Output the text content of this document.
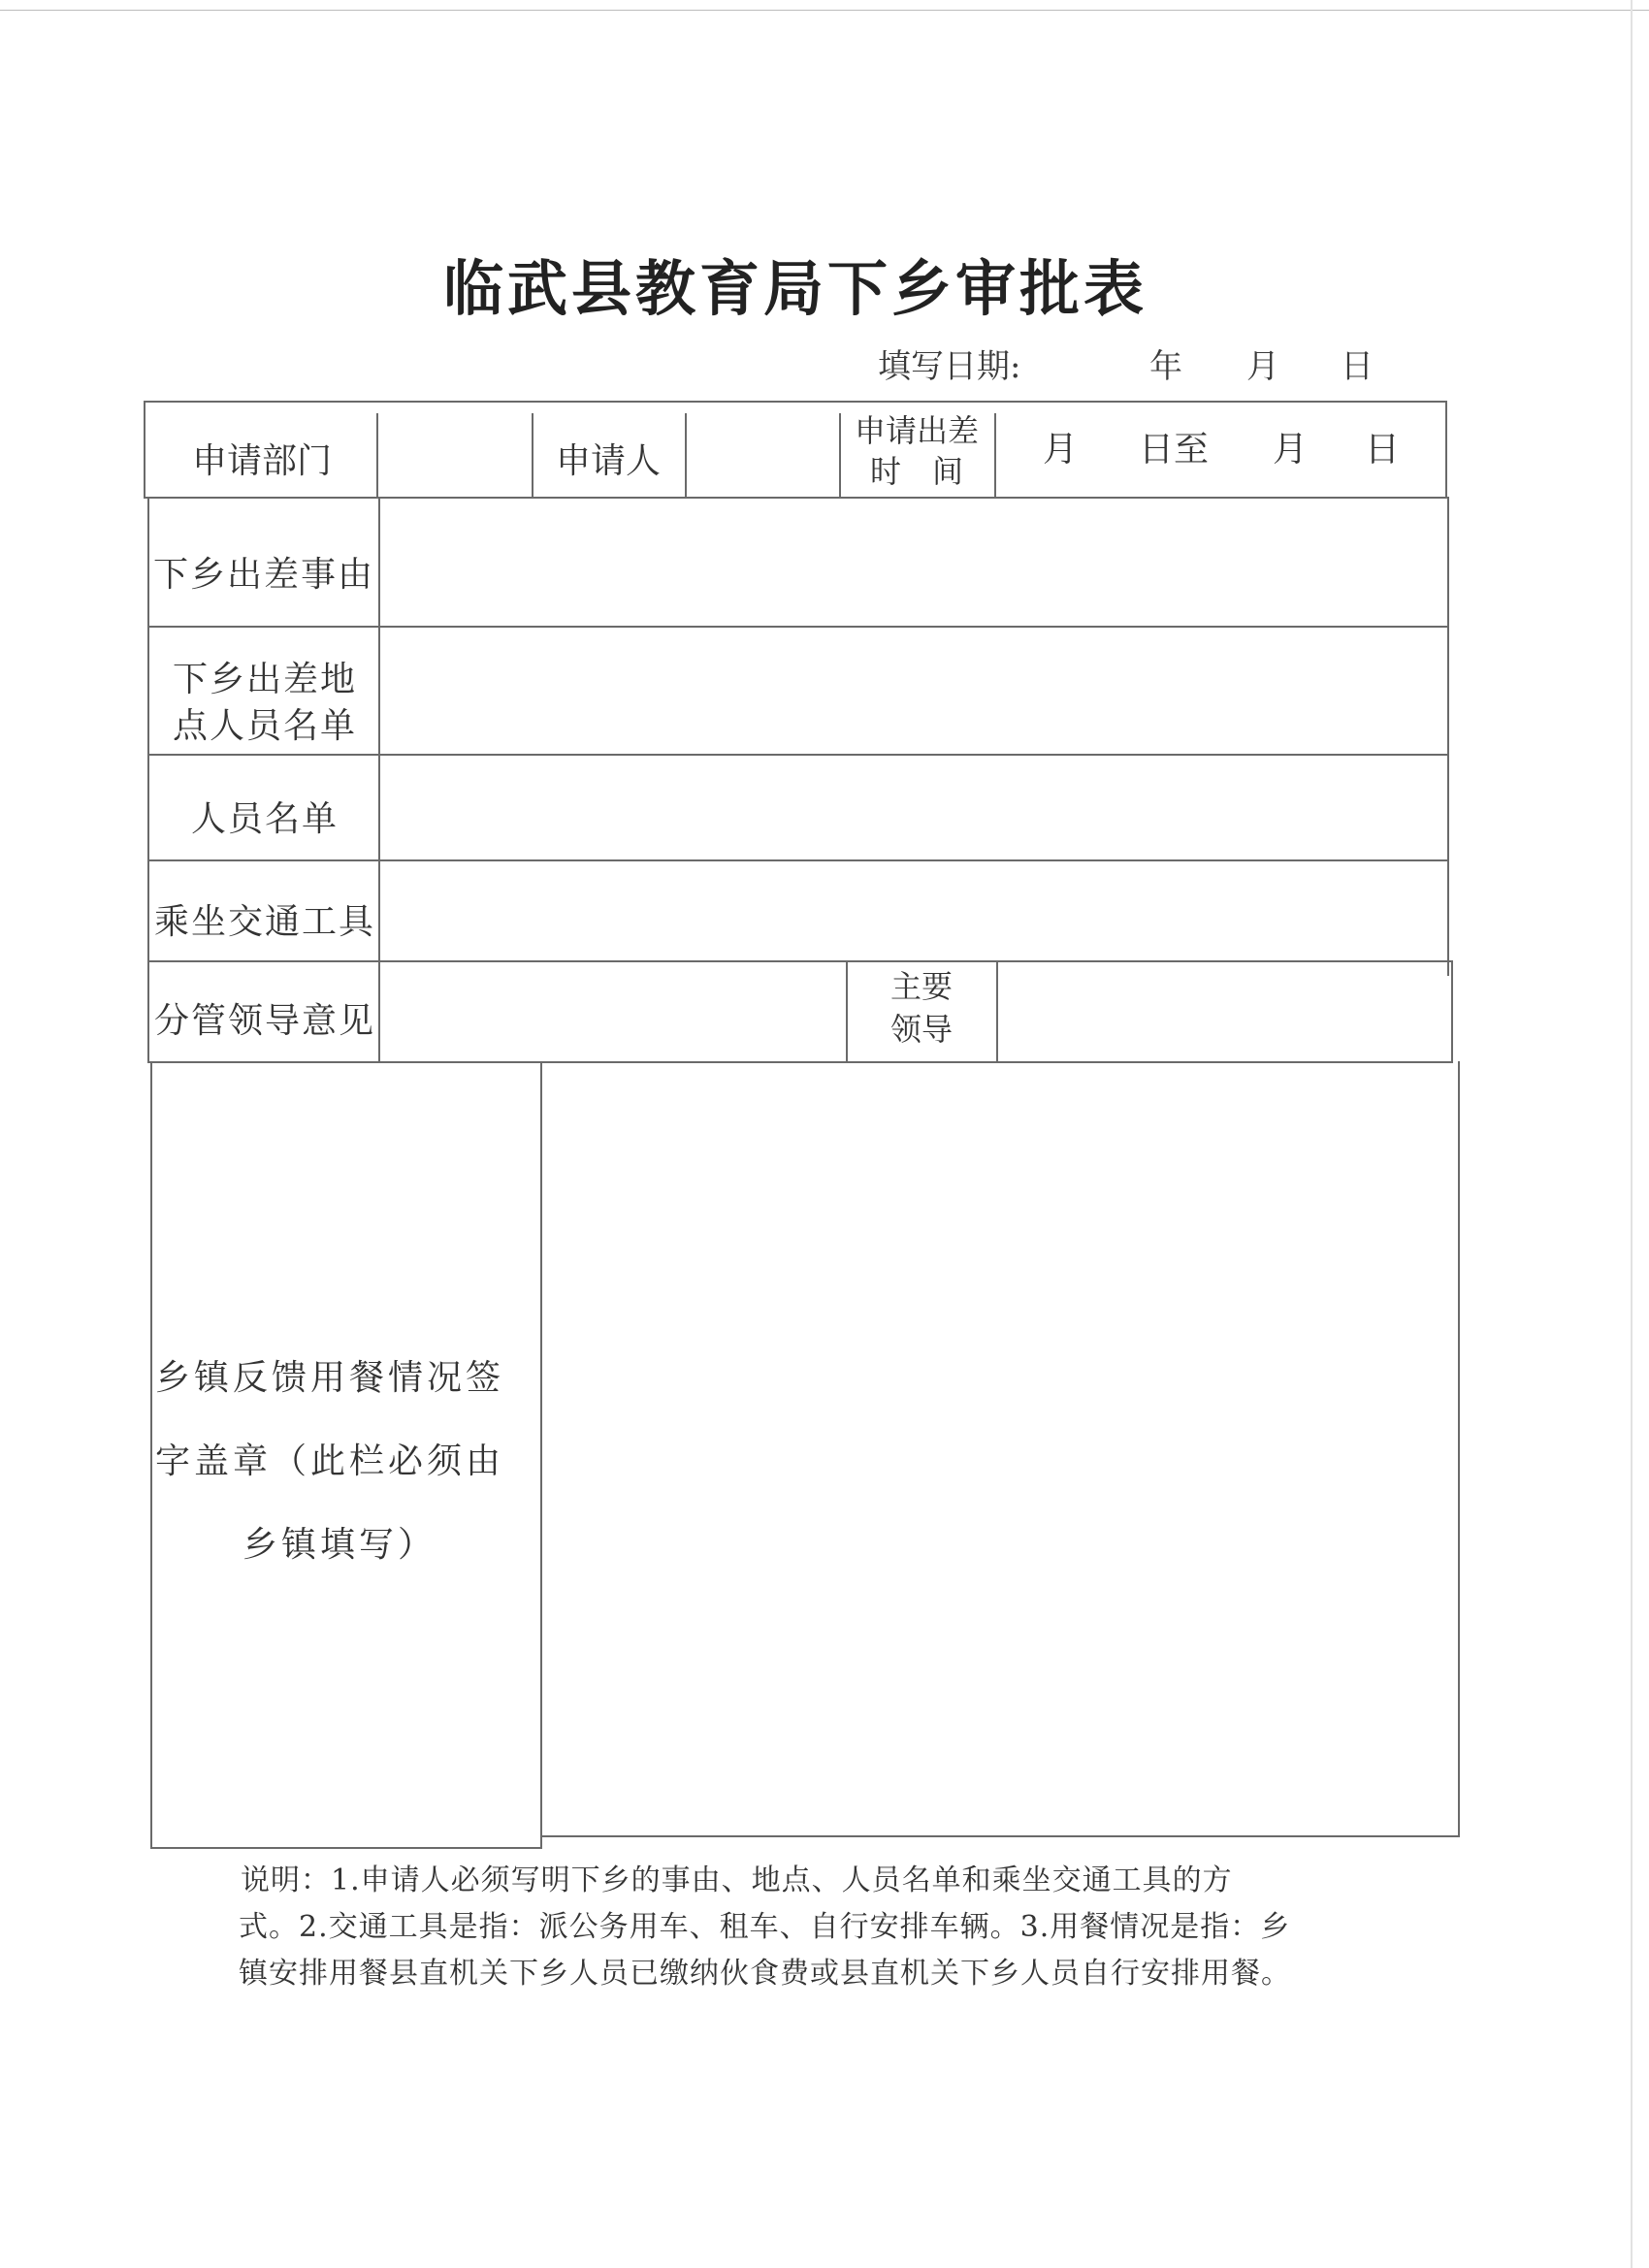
临武县教育局下乡审批表
填写日期:	年 月 日
申请部门	申请人
申请出差
时　间
月 日至 月 日
下乡出差事由
下乡出差地
点人员名单
人员名单
乘坐交通工具
分管领导意见
主要
领导
乡镇反馈用餐情况签
字盖章（此栏必须由
乡镇填写）

说明：1.申请人必须写明下乡的事由、地点、人员名单和乘坐交通工具的方

式。2.交通工具是指：派公务用车、租车、自行安排车辆。3.用餐情况是指：乡

镇安排用餐县直机关下乡人员已缴纳伙食费或县直机关下乡人员自行安排用餐。
